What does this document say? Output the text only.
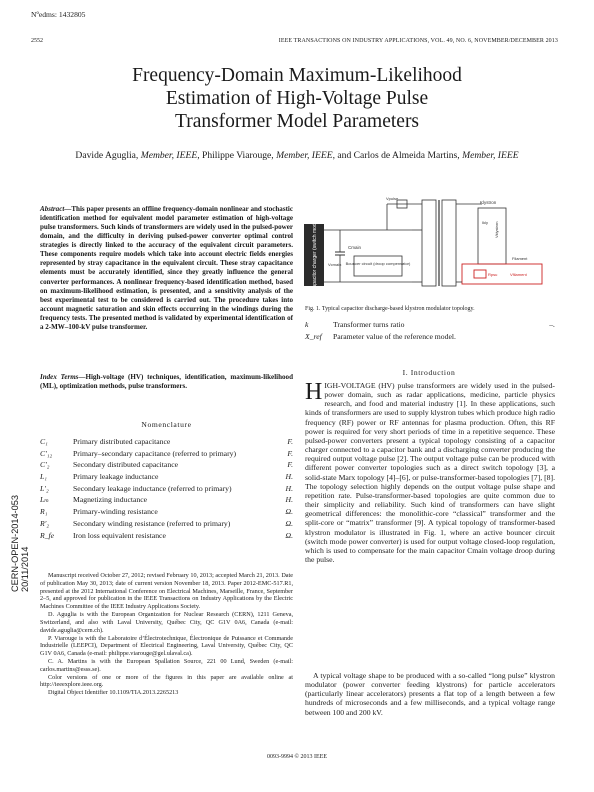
Nºedms: 1432805
2552	IEEE TRANSACTIONS ON INDUSTRY APPLICATIONS, VOL. 49, NO. 6, NOVEMBER/DECEMBER 2013
Frequency-Domain Maximum-Likelihood
Estimation of High-Voltage Pulse
Transformer Model Parameters
Davide Aguglia, Member, IEEE, Philippe Viarouge, Member, IEEE, and Carlos de Almeida Martins, Member, IEEE

Abstract—This paper presents an offline frequency-domain nonlinear and stochastic identification method for equivalent model parameter estimation of high-voltage pulse transformers. Such kinds of transformers are widely used in the pulsed-power domain, and the difficulty in deriving pulsed-power converter optimal control strategies is directly linked to the accuracy of the equivalent circuit parameters. These components require models which take into account electric fields energies represented by stray capacitance in the equivalent circuit. These stray capacitance elements must be accurately identified, since they greatly influence the general converter performances. A nonlinear frequency-based identification method, based on maximum-likelihood estimation, is presented, and a sensitivity analysis of the best experimental test to be considered is carried out. The procedure takes into account magnetic saturation and skin effects occurring in the windings during the frequency tests. The presented method is validated by experimental identification of a 2-MW–100-kV pulse transformer.

Index Terms—High-voltage (HV) techniques, identification, maximum-likelihood (ML), optimization methods, pulse transformers.

Nomenclature
C₁	Primary distributed capacitance	F.
C′₁₂	Primary–secondary capacitance (referred to primary)	F.
C′₂	Secondary distributed capacitance	F.
L₁	Primary leakage inductance	H.
L′₂	Secondary leakage inductance (referred to primary)	H.
Lₘ	Magnetizing inductance	H.
R₁	Primary-winding resistance	Ω.
R′₂	Secondary winding resistance (referred to primary)	Ω.
R_fe Iron loss equivalent resistance	Ω.
CERN-OPEN-2014-053 20/11/2014	Manuscript received October 27, 2012; revised February 10, 2013; accepted March 21, 2013. Date of publication May 30, 2013; date of current version November 18, 2013. Paper 2012-EMC-517.R1, presented at the 2012 International Conference on Electrical Machines, Marseille, France, September 2–5, and approved for publication in the IEEE Transactions on Industry Applications by the Electric Machines Committee of the IEEE Industry Applications Society.

D. Aguglia is with the European Organization for Nuclear Research (CERN), 1211 Geneva, Switzerland, and also with Laval University, Québec City, QC G1V 0A6, Canada (e-mail: davide.aguglia@cern.ch).

P. Viarouge is with the Laboratoire d’Électrotechnique, Électronique de Puissance et Commande Industrielle (LEEPCI), Department of Electrical Engineering, Laval University, Québec City, QC G1V 0A6, Canada (e-mail: philippe.viarouge@gel.ulaval.ca).

C. A. Martins is with the European Spallation Source, 221 00 Lund, Sweden (e-mail: carlos.martins@esss.se).

Color versions of one or more of the figures in this paper are available online at http://ieeexplore.ieee.org.

Digital Object Identifier 10.1109/TIA.2013.2265213

Capacitor charger (switch mode)	Cmain
Vcmain
Vpulse
Bouncer circuit (droop compensator)
Klystron
Vklystron
Ikly
Rpsu	Vfilament
Filament
Fig. 1. Typical capacitor discharge-based klystron modulator topology.
k	Transformer turns ratio	–.
X_ref Parameter value of the reference model.
I. Introduction

HIGH-VOLTAGE (HV) pulse transformers are widely used in the pulsed-power domain, such as radar applications, medicine, particle physics research, and food and material industry [1]. In these applications, such kinds of transformers are used to supply klystron tubes which produce high radio frequency (RF) power or RF antennas for plasma production. Often, this RF power is required for very short periods of time in a repetitive sequence. These pulsed-power converters present a typical topology consisting of a capacitor charger connected to a capacitor bank and a discharging converter producing the required output voltage pulse [2]. The output voltage pulse can be produced with different power converter topologies such as a direct switch topology [3], a solid-state Marx topology [4]–[6], or pulse-transformer-based topologies [7], [8]. The topology selection highly depends on the output voltage pulse shape and repetition rate. Pulse-transformer-based topologies are quite common due to their simplicity and reliability. Such kind of transformers can have slight geometrical differences: the monolithic-core “classical” transformer and the split-core or “matrix” transformer [9]. A typical topology of transformer-based klystron modulator is illustrated in Fig. 1, where an active bouncer circuit (switch mode power converter) is used for output voltage closed-loop regulation, which is used to compensate for the main capacitor Cmain voltage droop during the pulse.

A typical voltage shape to be produced with a so-called “long pulse” klystron modulator (power converter feeding klystrons) for particle accelerators (particularly linear accelerators) presents a flat top of a length between a few hundreds of microseconds and a few milliseconds, and a typical voltage range between 100 and 200 kV.

0093-9994 © 2013 IEEE
